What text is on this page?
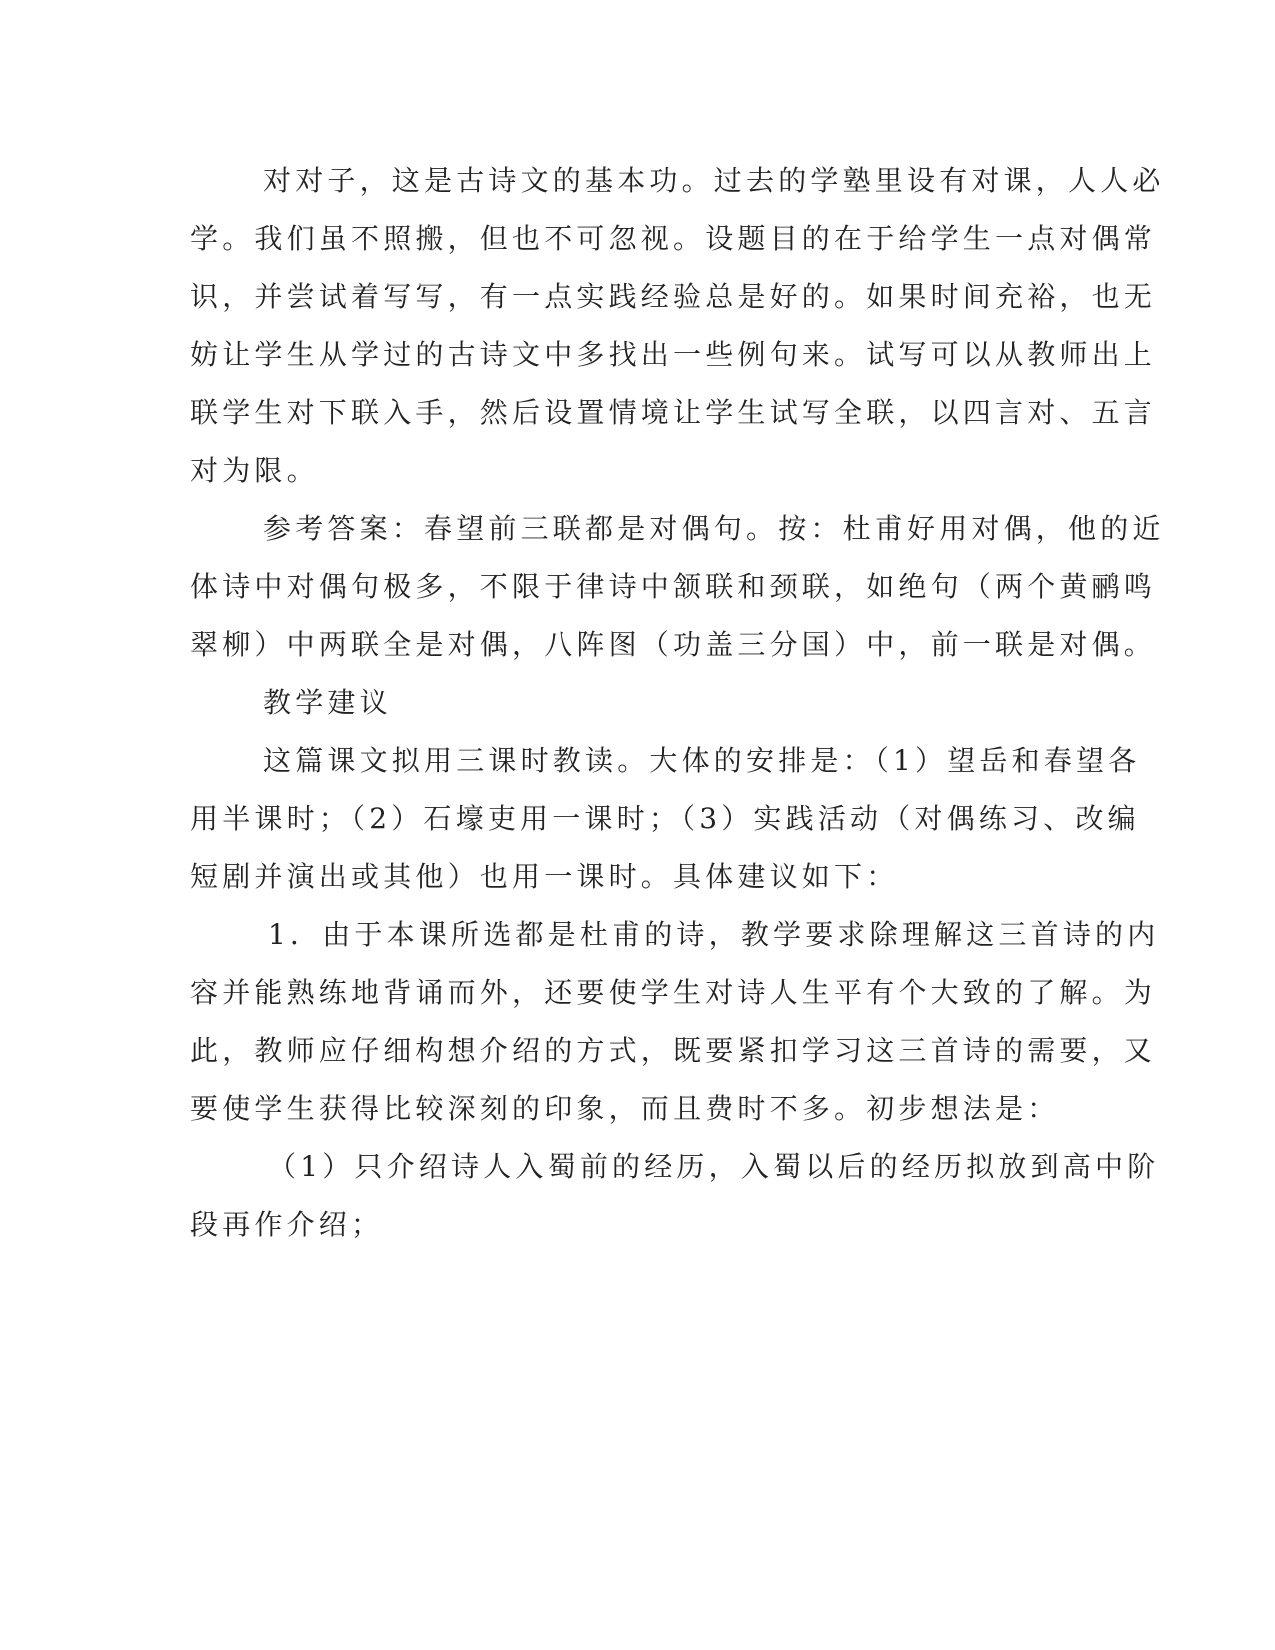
对对子，这是古诗文的基本功。过去的学塾里设有对课，人人必
学。我们虽不照搬，但也不可忽视。设题目的在于给学生一点对偶常
识，并尝试着写写，有一点实践经验总是好的。如果时间充裕，也无
妨让学生从学过的古诗文中多找出一些例句来。试写可以从教师出上
联学生对下联入手，然后设置情境让学生试写全联，以四言对、五言
对为限。
参考答案：春望前三联都是对偶句。按：杜甫好用对偶，他的近
体诗中对偶句极多，不限于律诗中颔联和颈联，如绝句（两个黄鹂鸣
翠柳）中两联全是对偶，八阵图（功盖三分国）中，前一联是对偶。
教学建议
这篇课文拟用三课时教读。大体的安排是：（1）望岳和春望各
用半课时；（2）石壕吏用一课时；（3）实践活动（对偶练习、改编
短剧并演出或其他）也用一课时。具体建议如下：
1．由于本课所选都是杜甫的诗，教学要求除理解这三首诗的内
容并能熟练地背诵而外，还要使学生对诗人生平有个大致的了解。为
此，教师应仔细构想介绍的方式，既要紧扣学习这三首诗的需要，又
要使学生获得比较深刻的印象，而且费时不多。初步想法是：
（1）只介绍诗人入蜀前的经历，入蜀以后的经历拟放到高中阶
段再作介绍；
